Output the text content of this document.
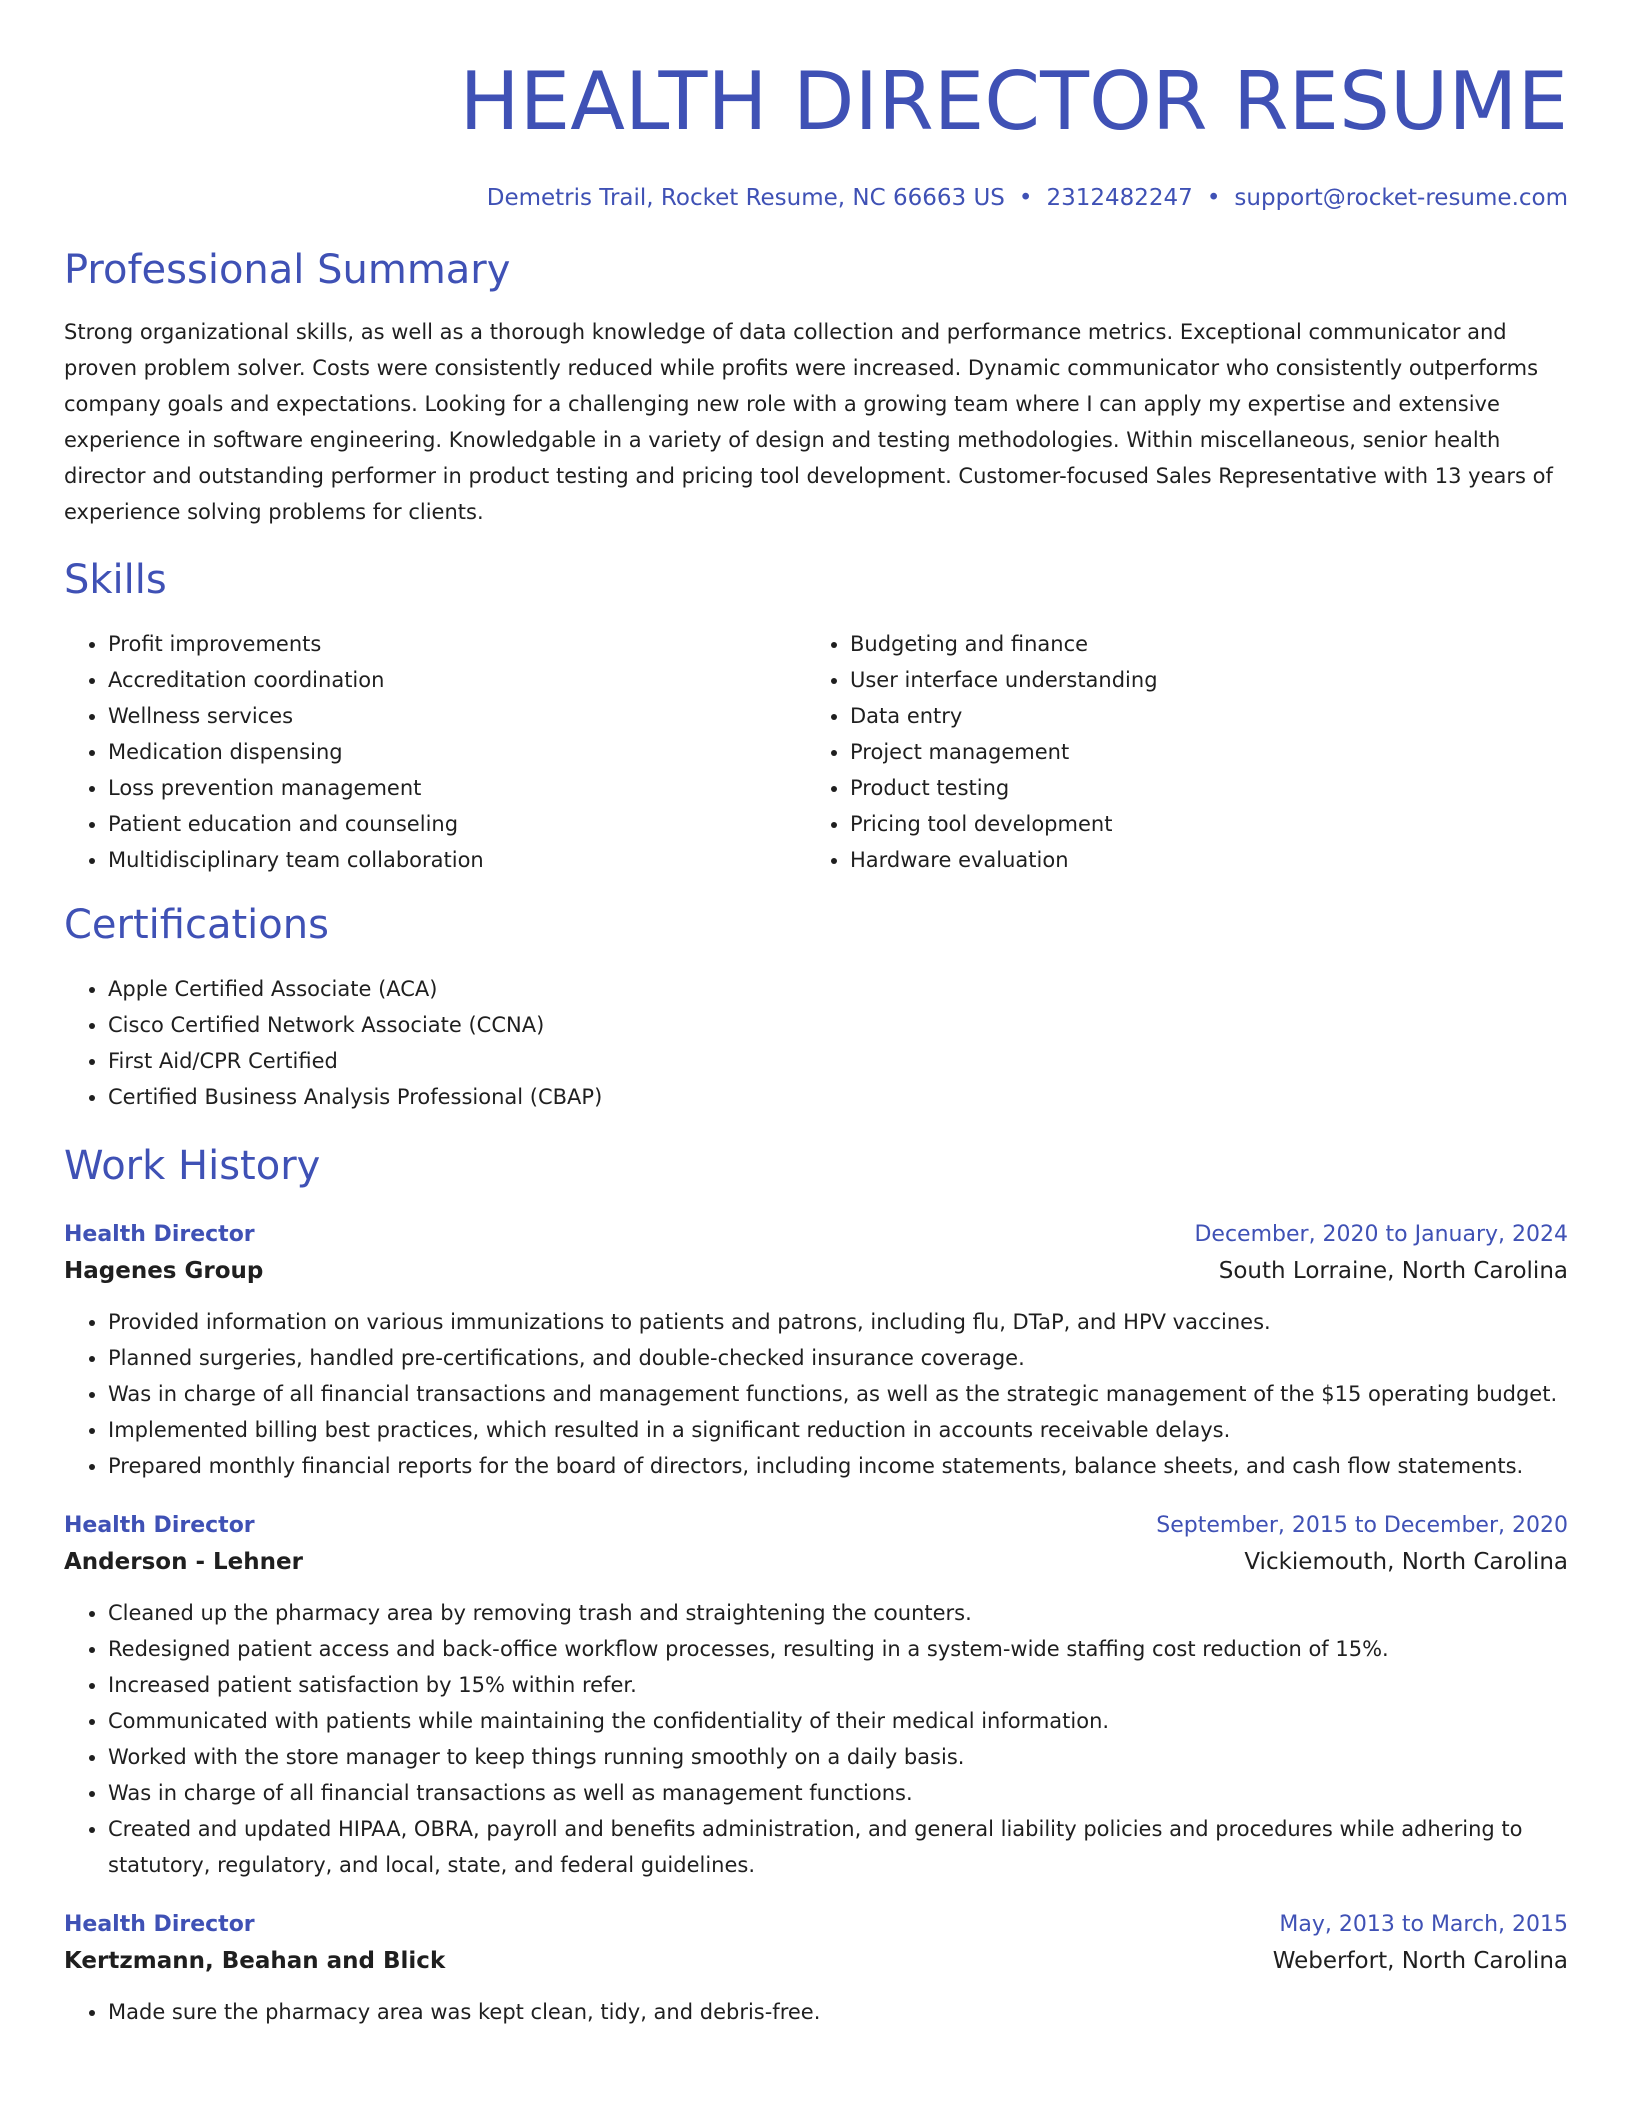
HEALTH DIRECTOR RESUME
Demetris Trail, Rocket Resume, NC 66663 US • 2312482247 • support@rocket-resume.com
Professional Summary
Strong organizational skills, as well as a thorough knowledge of data collection and performance metrics. Exceptional communicator and proven problem solver. Costs were consistently reduced while profits were increased. Dynamic communicator who consistently outperforms company goals and expectations. Looking for a challenging new role with a growing team where I can apply my expertise and extensive experience in software engineering. Knowledgable in a variety of design and testing methodologies. Within miscellaneous, senior health director and outstanding performer in product testing and pricing tool development. Customer-focused Sales Representative with 13 years of experience solving problems for clients.
Skills
• Profit improvements
• Accreditation coordination
• Wellness services
• Medication dispensing
• Loss prevention management
• Patient education and counseling
• Multidisciplinary team collaboration
• Budgeting and finance
• User interface understanding
• Data entry
• Project management
• Product testing
• Pricing tool development
• Hardware evaluation
Certifications
• Apple Certified Associate (ACA)
• Cisco Certified Network Associate (CCNA)
• First Aid/CPR Certified
• Certified Business Analysis Professional (CBAP)
Work History
Health Director	December, 2020 to January, 2024
Hagenes Group	South Lorraine, North Carolina
• Provided information on various immunizations to patients and patrons, including flu, DTaP, and HPV vaccines.
• Planned surgeries, handled pre-certifications, and double-checked insurance coverage.
• Was in charge of all financial transactions and management functions, as well as the strategic management of the $15 operating budget.
• Implemented billing best practices, which resulted in a significant reduction in accounts receivable delays.
• Prepared monthly financial reports for the board of directors, including income statements, balance sheets, and cash flow statements.
Health Director	September, 2015 to December, 2020
Anderson - Lehner	Vickiemouth, North Carolina
• Cleaned up the pharmacy area by removing trash and straightening the counters.
• Redesigned patient access and back-office workflow processes, resulting in a system-wide staffing cost reduction of 15%.
• Increased patient satisfaction by 15% within refer.
• Communicated with patients while maintaining the confidentiality of their medical information.
• Worked with the store manager to keep things running smoothly on a daily basis.
• Was in charge of all financial transactions as well as management functions.
• Created and updated HIPAA, OBRA, payroll and benefits administration, and general liability policies and procedures while adhering to statutory, regulatory, and local, state, and federal guidelines.
Health Director	May, 2013 to March, 2015
Kertzmann, Beahan and Blick	Weberfort, North Carolina
• Made sure the pharmacy area was kept clean, tidy, and debris-free.
